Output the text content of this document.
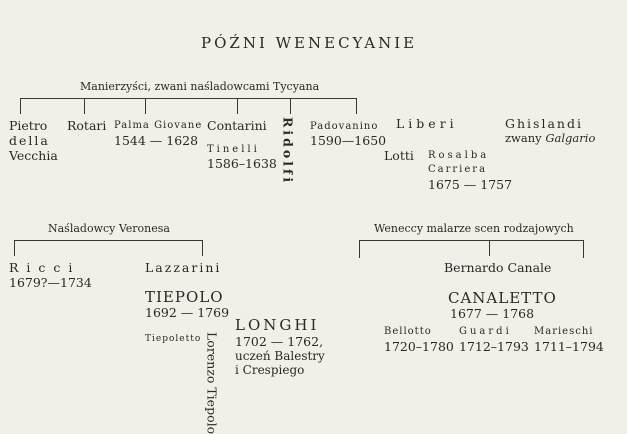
PÓŹNI WENECYANIE
Manierzyści, zwani naśladowcami Tycyana
Pietro
della
Vecchia
Rotari Palma Giovane
1544 — 1628
Contarini
Tinelli
1586–1638 Ridolfi Padovanino
1590—1650
Liberi	Ghislandi
zwany Galgario
Lotti Rosalba
Carriera
1675 — 1757
Naśladowcy Veronesa
Ricci
1679?—1734
Lazzarini
TIEPOLO
1692 — 1769
Tiepoletto Lorenzo Tiepolo
LONGHI
1702 — 1762,
uczeń Balestry
i Crespiego
Weneccy malarze scen rodzajowych
Bernardo Canale
CANALETTO
1677 — 1768
Bellotto
1720–1780
Guardi
1712–1793
Marieschi
1711–1794
